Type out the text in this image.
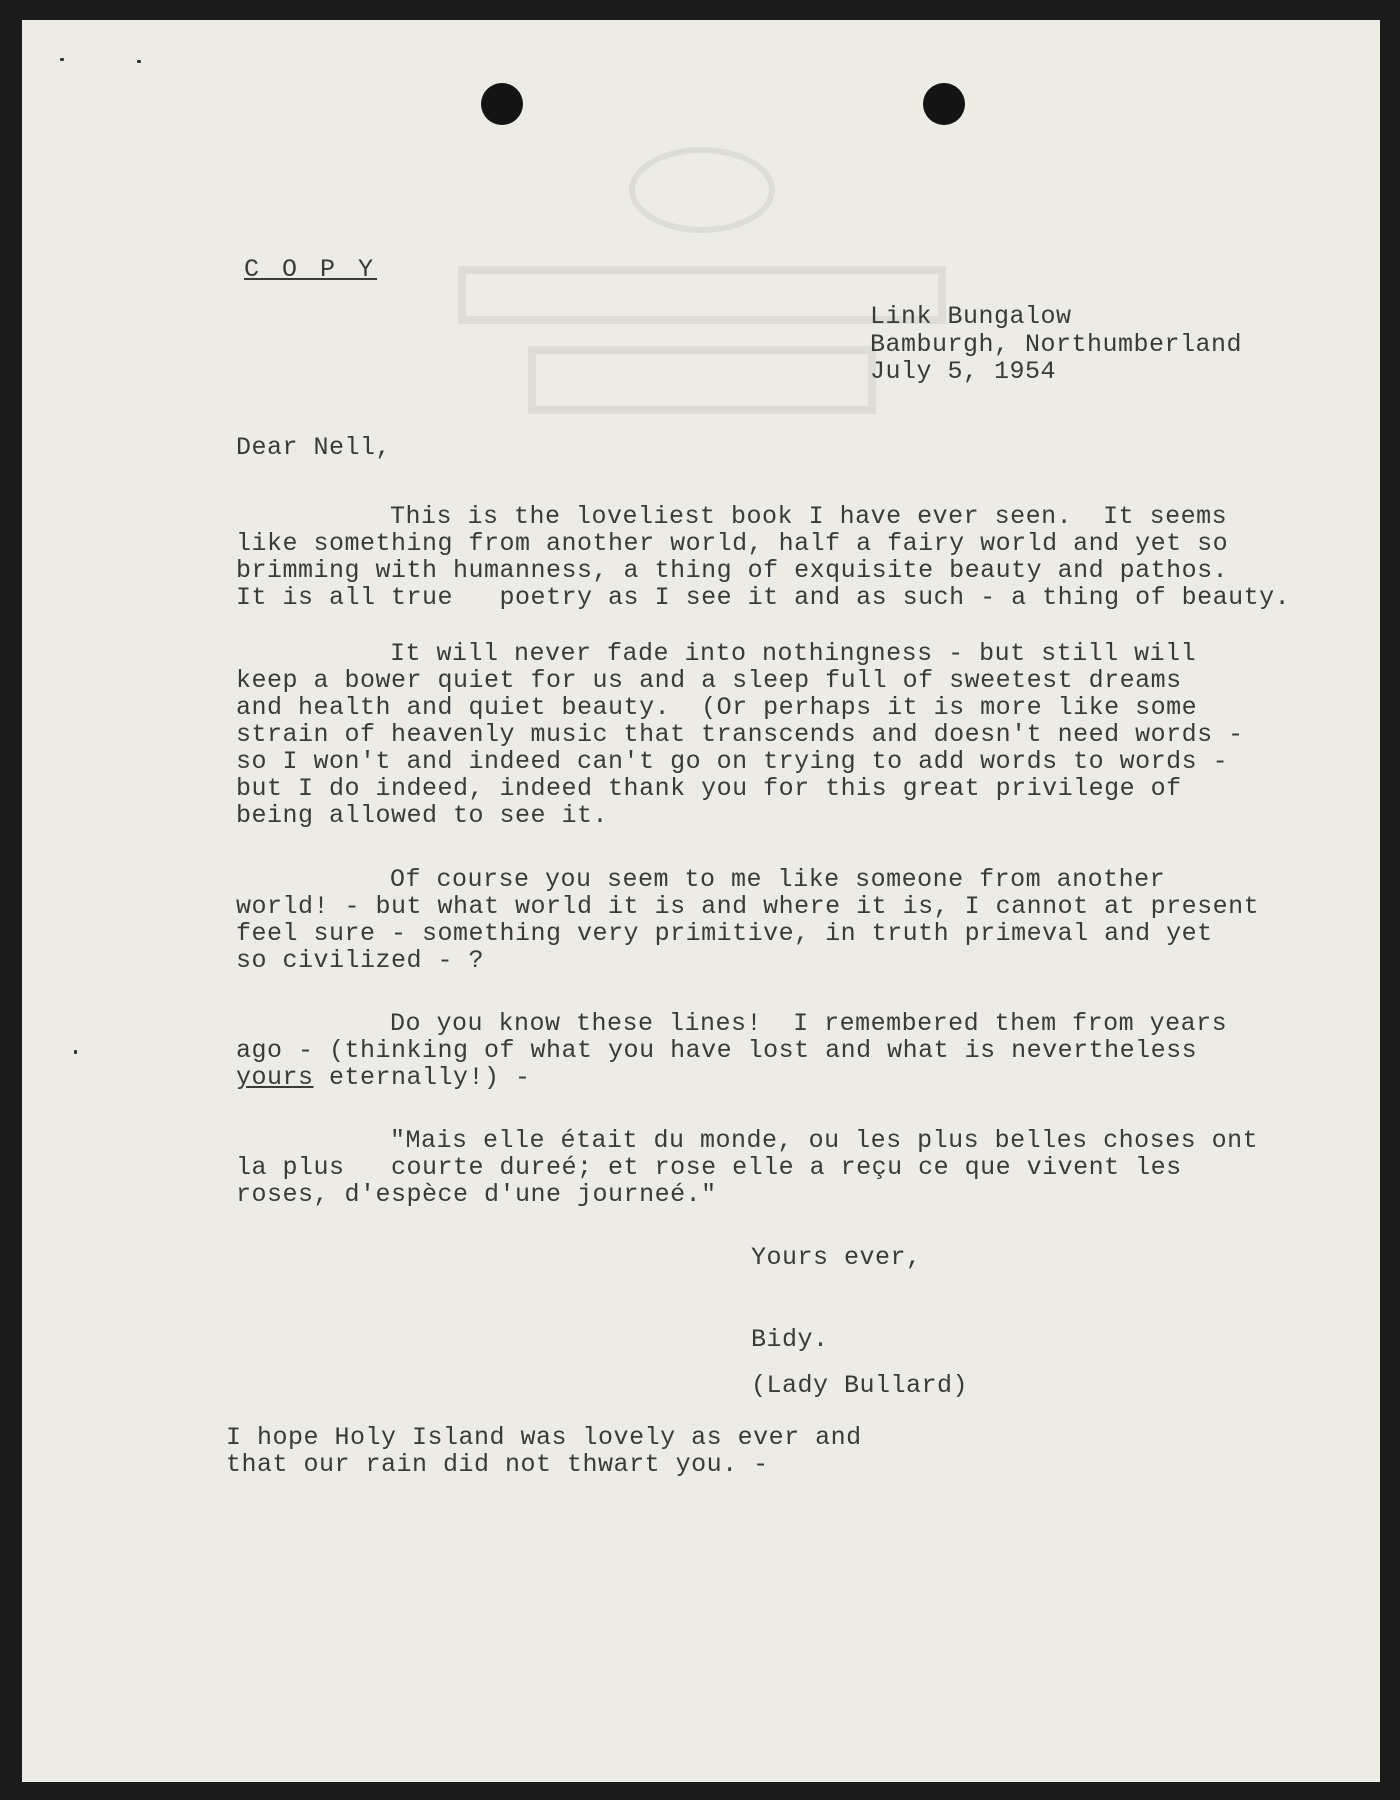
C O P Y
Link Bungalow
Bamburgh, Northumberland
July 5, 1954
Dear Nell,
This is the loveliest book I have ever seen.  It seems
like something from another world, half a fairy world and yet so
brimming with humanness, a thing of exquisite beauty and pathos.
It is all true   poetry as I see it and as such - a thing of beauty.
It will never fade into nothingness - but still will
keep a bower quiet for us and a sleep full of sweetest dreams
and health and quiet beauty.  (Or perhaps it is more like some
strain of heavenly music that transcends and doesn't need words -
so I won't and indeed can't go on trying to add words to words -
but I do indeed, indeed thank you for this great privilege of
being allowed to see it.
Of course you seem to me like someone from another
world! - but what world it is and where it is, I cannot at present
feel sure - something very primitive, in truth primeval and yet
so civilized - ?
Do you know these lines!  I remembered them from years
ago - (thinking of what you have lost and what is nevertheless
yours eternally!) -
"Mais elle était du monde, ou les plus belles choses ont
la plus   courte dureé; et rose elle a reçu ce que vivent les
roses, d'espèce d'une journeé."
Yours ever,
Bidy.
(Lady Bullard)
I hope Holy Island was lovely as ever and
that our rain did not thwart you. -
